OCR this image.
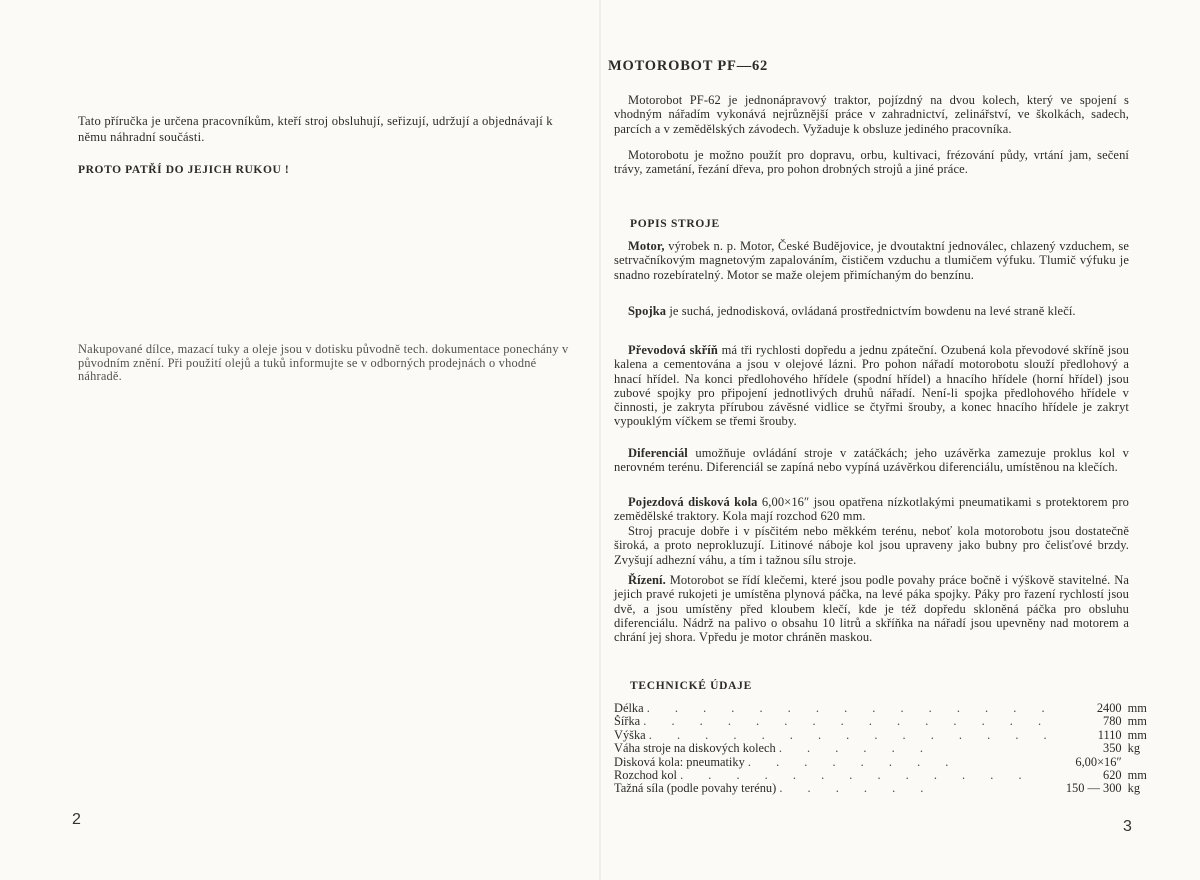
Tato příručka je určena pracovníkům, kteří stroj obsluhují, seřizují, udržují a objednávají k němu náhradní součásti.

PROTO PATŘÍ DO JEJICH RUKOU !

Nakupované dílce, mazací tuky a oleje jsou v dotisku původně tech. dokumentace ponechány v původním znění. Při použití olejů a tuků informujte se v odborných prodejnách o vhodné náhradě.

2

MOTOROBOT PF—62

Motorobot PF-62 je jednonápravový traktor, pojízdný na dvou kolech, který ve spojení s vhodným nářadím vykonává nejrůznější práce v zahradnictví, zelinářství, ve školkách, sadech, parcích a v zemědělských závodech. Vyžaduje k obsluze jediného pracovníka.

Motorobotu je možno použít pro dopravu, orbu, kultivaci, frézování půdy, vrtání jam, sečení trávy, zametání, řezání dřeva, pro pohon drobných strojů a jiné práce.

POPIS STROJE

Motor, výrobek n. p. Motor, České Budějovice, je dvoutaktní jednoválec, chlazený vzduchem, se setrvačníkovým magnetovým zapalováním, čističem vzduchu a tlumičem výfuku. Tlumič výfuku je snadno rozebíratelný. Motor se maže olejem přimíchaným do benzínu.

Spojka je suchá, jednodisková, ovládaná prostřednictvím bowdenu na levé straně klečí.

Převodová skříň má tři rychlosti dopředu a jednu zpáteční. Ozubená kola převodové skříně jsou kalena a cementována a jsou v olejové lázni. Pro pohon nářadí motorobotu slouží předlohový a hnací hřídel. Na konci předlohového hřídele (spodní hřídel) a hnacího hřídele (horní hřídel) jsou zubové spojky pro připojení jednotlivých druhů nářadí. Není-li spojka předlohového hřídele v činnosti, je zakryta přírubou závěsné vidlice se čtyřmi šrouby, a konec hnacího hřídele je zakryt vypouklým víčkem se třemi šrouby.

Diferenciál umožňuje ovládání stroje v zatáčkách; jeho uzávěrka zamezuje proklus kol v nerovném terénu. Diferenciál se zapíná nebo vypíná uzávěrkou diferenciálu, umístěnou na klečích.

Pojezdová disková kola 6,00×16″ jsou opatřena nízkotlakými pneumatikami s protektorem pro zemědělské traktory. Kola mají rozchod 620 mm.

Stroj pracuje dobře i v písčitém nebo měkkém terénu, neboť kola motorobotu jsou dostatečně široká, a proto neprokluzují. Litinové náboje kol jsou upraveny jako bubny pro čelisťové brzdy. Zvyšují adhezní váhu, a tím i tažnou sílu stroje.

Řízení. Motorobot se řídí klečemi, které jsou podle povahy práce bočně i výškově stavitelné. Na jejich pravé rukojeti je umístěna plynová páčka, na levé páka spojky. Páky pro řazení rychlostí jsou dvě, a jsou umístěny před kloubem klečí, kde je též dopředu skloněná páčka pro obsluhu diferenciálu. Nádrž na palivo o obsahu 10 litrů a skříňka na nářadí jsou upevněny nad motorem a chrání jej shora. Vpředu je motor chráněn maskou.

TECHNICKÉ ÚDAJE
Délka . . . . . . . . . . . . . . .	2400	mm
Šířka . . . . . . . . . . . . . . .	780	mm
Výška . . . . . . . . . . . . . . .	1110	mm
Váha stroje na diskových kolech . . . . . .	350	kg
Disková kola: pneumatiky . . . . . . . .	6,00×16″	
Rozchod kol . . . . . . . . . . . . .	620	mm
Tažná síla (podle povahy terénu) . . . . . .	150 — 300	kg

3
